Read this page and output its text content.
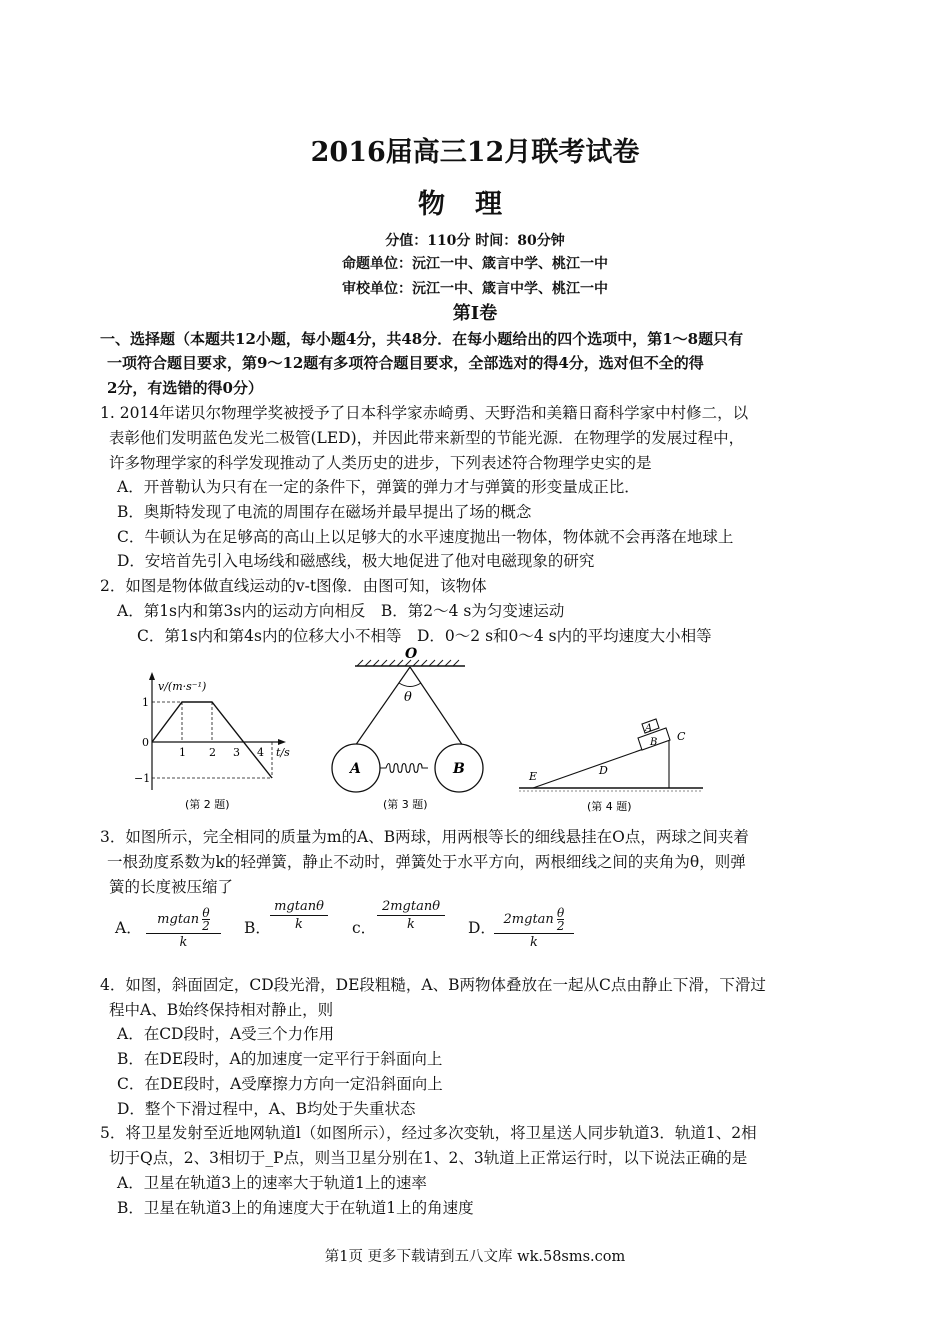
2016届高三12月联考试卷
物理
分值：110分 时间：80分钟
命题单位：沅江一中、箴言中学、桃江一中
审校单位：沅江一中、箴言中学、桃江一中
第I卷
一、选择题（本题共12小题，每小题4分，共48分．在每小题给出的四个选项中，第1～8题只有
一项符合题目要求，第9～12题有多项符合题目要求，全部选对的得4分，选对但不全的得
2分，有选错的得0分）
1. 2014年诺贝尔物理学奖被授予了日本科学家赤崎勇、天野浩和美籍日裔科学家中村修二，以
表彰他们发明蓝色发光二极管(LED)，并因此带来新型的节能光源．在物理学的发展过程中，
许多物理学家的科学发现推动了人类历史的进步，下列表述符合物理学史实的是
A．开普勒认为只有在一定的条件下，弹簧的弹力才与弹簧的形变量成正比．
B．奥斯特发现了电流的周围存在磁场并最早提出了场的概念
C．牛顿认为在足够高的高山上以足够大的水平速度抛出一物体，物体就不会再落在地球上
D．安培首先引入电场线和磁感线，极大地促进了他对电磁现象的研究
2．如图是物体做直线运动的v-t图像．由图可知，该物体
A．第1s内和第3s内的运动方向相反　B．第2～4 s为匀变速运动
C．第1s内和第4s内的位移大小不相等　D．0～2 s和0～4 s内的平均速度大小相等
v/(m·s⁻¹)
t/s
1
0
−1
1 2 3 4
(第 2 题)
O
θ
A	B
(第 3 题)
A
B C
D
E
(第 4 题)
3．如图所示，完全相同的质量为m的A、B两球，用两根等长的细线悬挂在O点，两球之间夹着
一根劲度系数为k的轻弹簧，静止不动时，弹簧处于水平方向，两根细线之间的夹角为θ，则弹
簧的长度被压缩了
A． mgtan $\frac{\theta}{2}$
k
B．
mgtanθ
k	c．
2mgtanθ
k	D． $2mgtan \frac{\theta}{2}$
k
4．如图，斜面固定，CD段光滑，DE段粗糙，A、B两物体叠放在一起从C点由静止下滑，下滑过
程中A、B始终保持相对静止，则
A．在CD段时，A受三个力作用
B．在DE段时，A的加速度一定平行于斜面向上
C．在DE段时，A受摩擦力方向一定沿斜面向上
D．整个下滑过程中，A、B均处于失重状态
5．将卫星发射至近地网轨道l（如图所示），经过多次变轨，将卫星送人同步轨道3．轨道1、2相
切于Q点，2、3相切于_P点，则当卫星分别在1、2、3轨道上正常运行时，以下说法正确的是
A．卫星在轨道3上的速率大于轨道1上的速率
B．卫星在轨道3上的角速度大于在轨道1上的角速度
第1页 更多下载请到五八文库 wk.58sms.com
